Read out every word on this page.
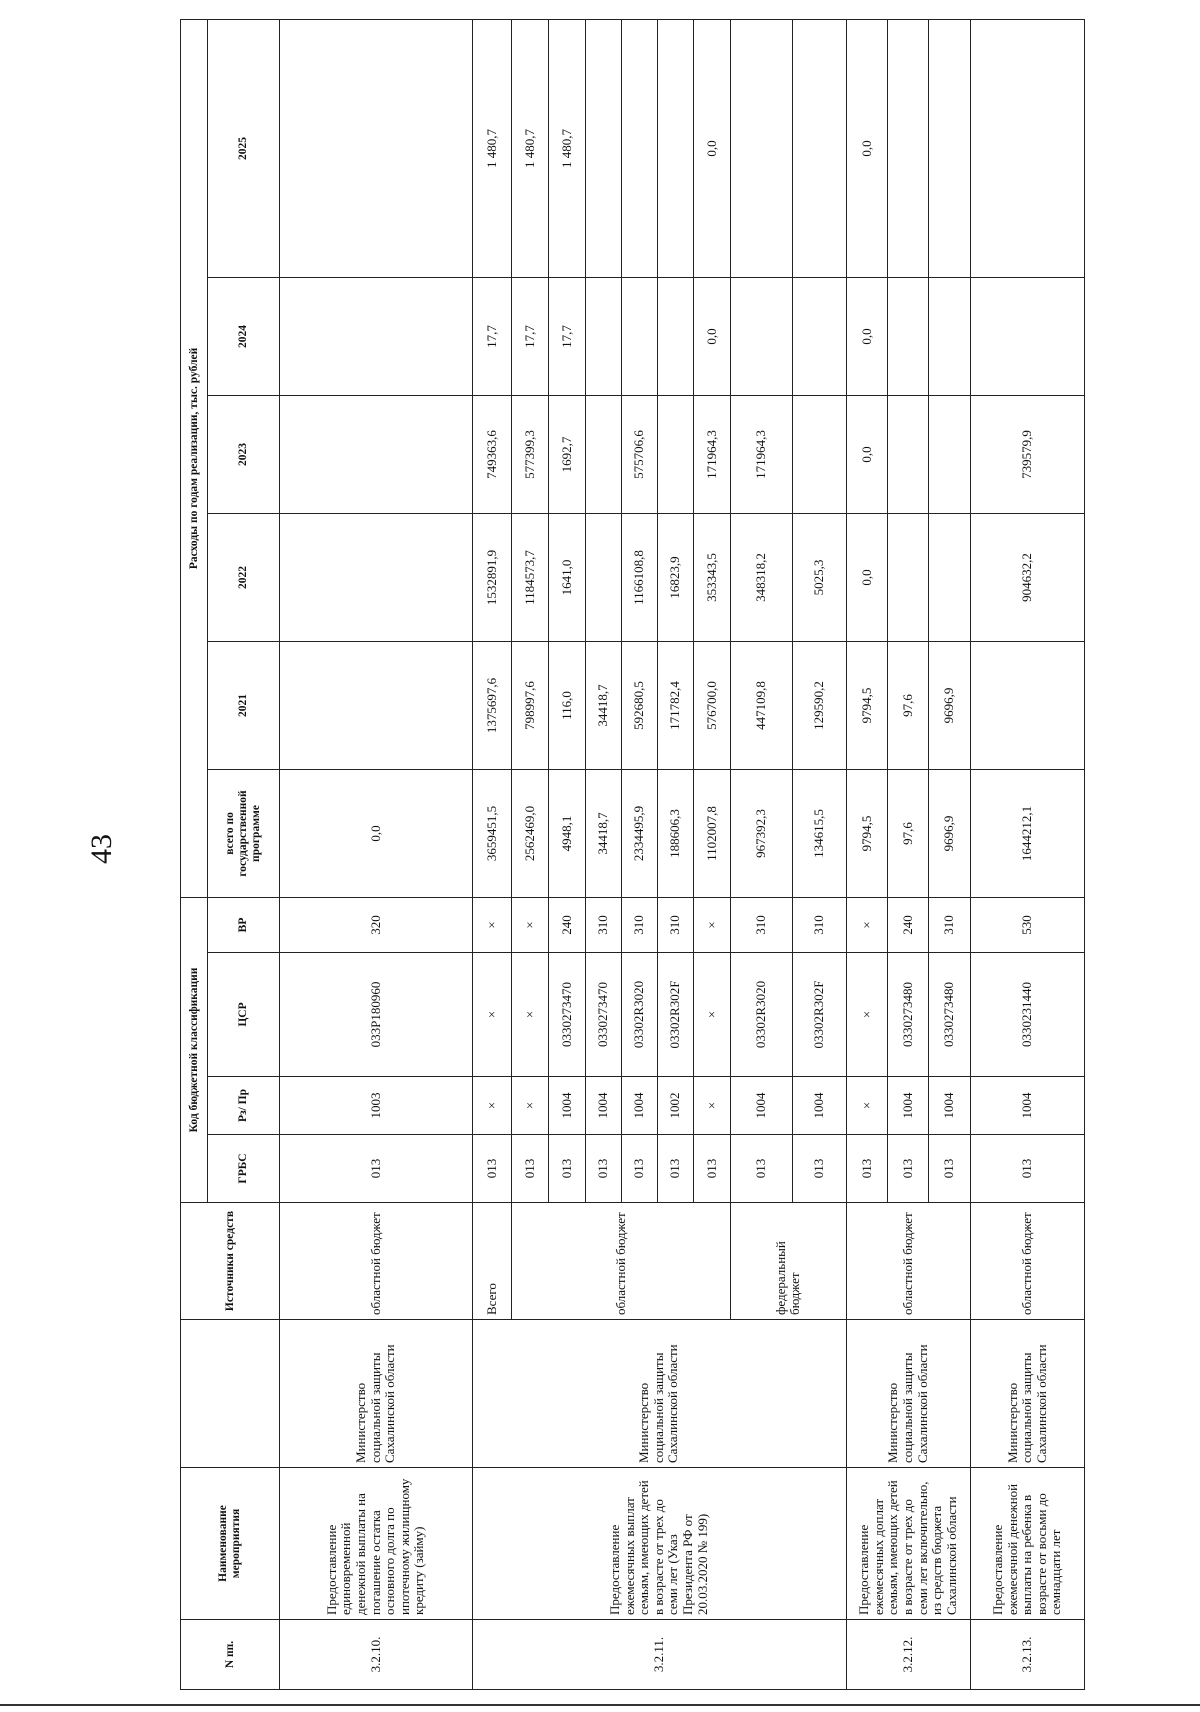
43
N пп.	Наименование мероприятия		Источники средств	Код бюджетной классификации				Расходы по годам реализации, тыс. рублей					
				ГРБС	Рз/ Пр	ЦСР	ВР	всего по государственной программе	2021	2022	2023	2024	2025
3.2.10.	Предоставление единовременной денежной выплаты на погашение остатка основного долга по ипотечному жилищному кредиту (займу)	Министерство социальной защиты Сахалинской области	областной бюджет	013	1003	033P180960	320	0,0					
3.2.11.	Предоставление ежемесячных выплат семьям, имеющих детей в возрасте от трех до семи лет (Указ Президента РФ от 20.03.2020 № 199)	Министерство социальной защиты Сахалинской области	Всего	013	×	×	×	3659451,5	1375697,6	1532891,9	749363,6	17,7	1 480,7
			областной бюджет	013	×	×	×	2562469,0	798997,6	1184573,7	577399,3	17,7	1 480,7
				013	1004	0330273470	240	4948,1	116,0	1641,0	1692,7	17,7	1 480,7
				013	1004	0330273470	310	34418,7	34418,7				
				013	1004	03302R3020	310	2334495,9	592680,5	1166108,8	575706,6		
				013	1002	03302R302F	310	188606,3	171782,4	16823,9			
				013	×	×	×	1102007,8	576700,0	353343,5	171964,3	0,0	0,0
			федеральный бюджет	013	1004	03302R3020	310	967392,3	447109,8	348318,2	171964,3		
				013	1004	03302R302F	310	134615,5	129590,2	5025,3			
3.2.12.	Предоставление ежемесячных доплат семьям, имеющих детей в возрасте от трех до семи лет включительно, из средств бюджета Сахалинской области	Министерство социальной защиты Сахалинской области	областной бюджет	013	×	×	×	9794,5	9794,5	0,0	0,0	0,0	0,0
				013	1004	0330273480	240	97,6	97,6				
				013	1004	0330273480	310	9696,9	9696,9				
3.2.13.	Предоставление ежемесячной денежной выплаты на ребенка в возрасте от восьми до семнадцати лет	Министерство социальной защиты Сахалинской области	областной бюджет	013	1004	0330231440	530	1644212,1		904632,2	739579,9		
